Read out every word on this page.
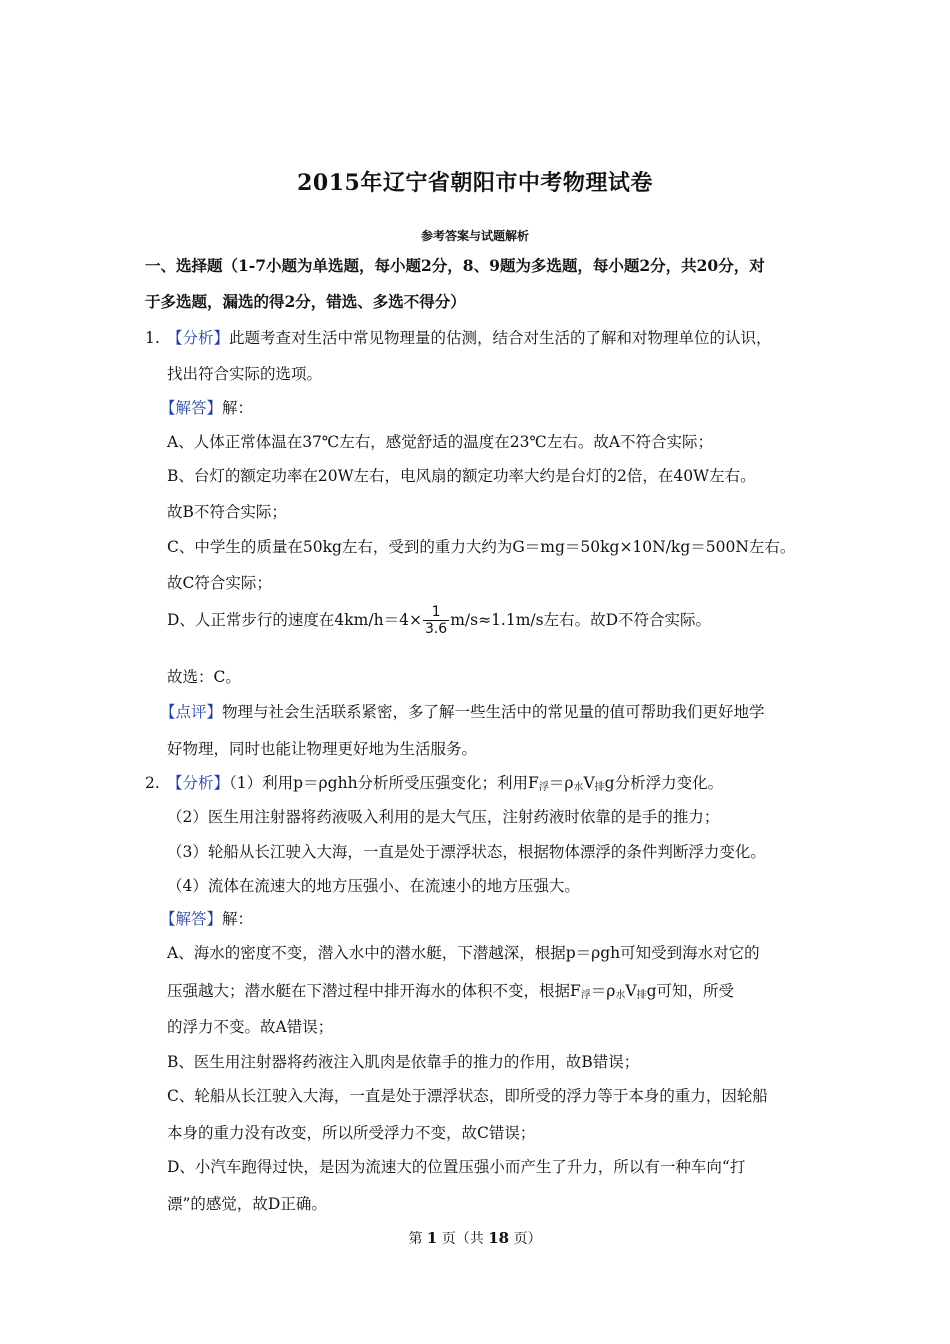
2015年辽宁省朝阳市中考物理试卷
参考答案与试题解析
一、选择题（1-7小题为单选题，每小题2分，8、9题为多选题，每小题2分，共20分，对
于多选题，漏选的得2分，错选、多选不得分）
1. 【分析】此题考查对生活中常见物理量的估测，结合对生活的了解和对物理单位的认识，
找出符合实际的选项。
【解答】解：
A、人体正常体温在37℃左右，感觉舒适的温度在23℃左右。故A不符合实际；
B、台灯的额定功率在20W左右，电风扇的额定功率大约是台灯的2倍，在40W左右。
故B不符合实际；
C、中学生的质量在50kg左右，受到的重力大约为G＝mg＝50kg×10N/kg＝500N左右。
故C符合实际；
D、人正常步行的速度在$4km/h=4\times \frac{1}{3.6} m/s\approx 1.1m/s$左右。故D不符合实际。
故选：C。
【点评】物理与社会生活联系紧密，多了解一些生活中的常见量的值可帮助我们更好地学
好物理，同时也能让物理更好地为生活服务。
2. 【分析】（1）利用p＝ρghh分析所受压强变化；利用$F_浮=\rho_水V_排g$分析浮力变化。
（2）医生用注射器将药液吸入利用的是大气压，注射药液时依靠的是手的推力；
（3）轮船从长江驶入大海，一直是处于漂浮状态，根据物体漂浮的条件判断浮力变化。
（4）流体在流速大的地方压强小、在流速小的地方压强大。
【解答】解：
A、海水的密度不变，潜入水中的潜水艇，下潜越深，根据p＝ρgh可知受到海水对它的
压强越大；潜水艇在下潜过程中排开海水的体积不变，根据$F_浮=\rho_水V_排g$可知，所受
的浮力不变。故A错误；
B、医生用注射器将药液注入肌肉是依靠手的推力的作用，故B错误；
C、轮船从长江驶入大海，一直是处于漂浮状态，即所受的浮力等于本身的重力，因轮船
本身的重力没有改变，所以所受浮力不变，故C错误；
D、小汽车跑得过快，是因为流速大的位置压强小而产生了升力，所以有一种车向“打
漂”的感觉，故D正确。
第 1 页（共 18 页）
